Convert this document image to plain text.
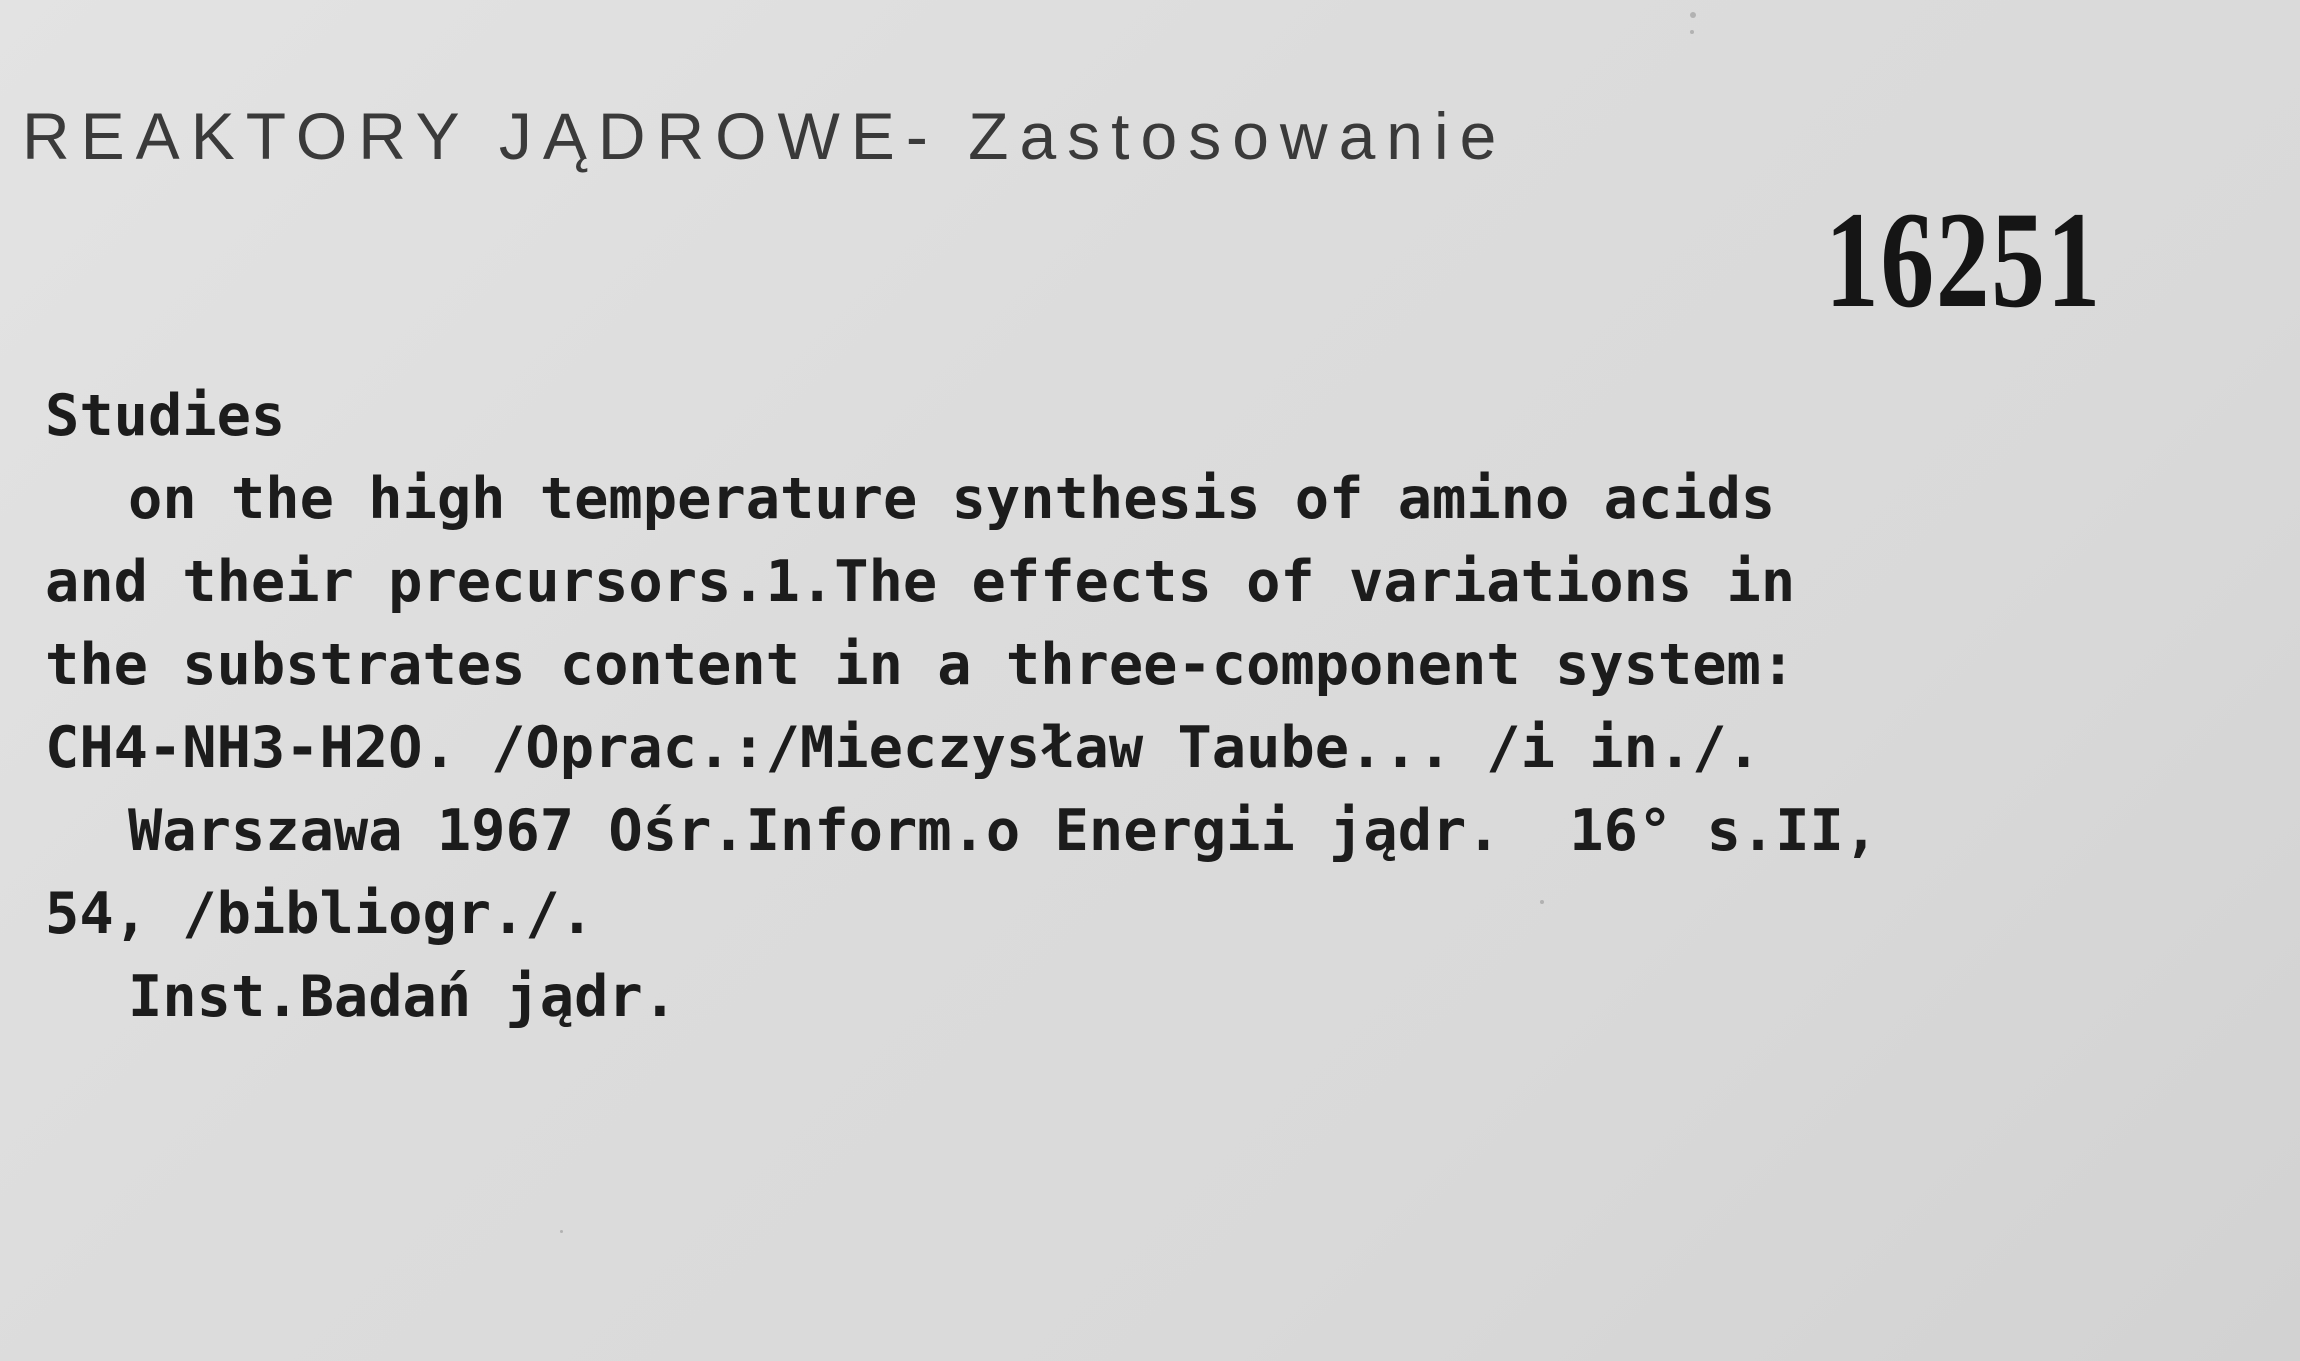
REAKTORY JĄDROWE- Zastosowanie
16251
Studies
on the high temperature synthesis of amino acids
and their precursors.1.The effects of variations in
the substrates content in a three-component system:
CH4-NH3-H2O. /Oprac.:/Mieczysław Taube... /i in./.
Warszawa 1967 Ośr.Inform.o Energii jądr.  16° s.II,
54, /bibliogr./.
Inst.Badań jądr.
